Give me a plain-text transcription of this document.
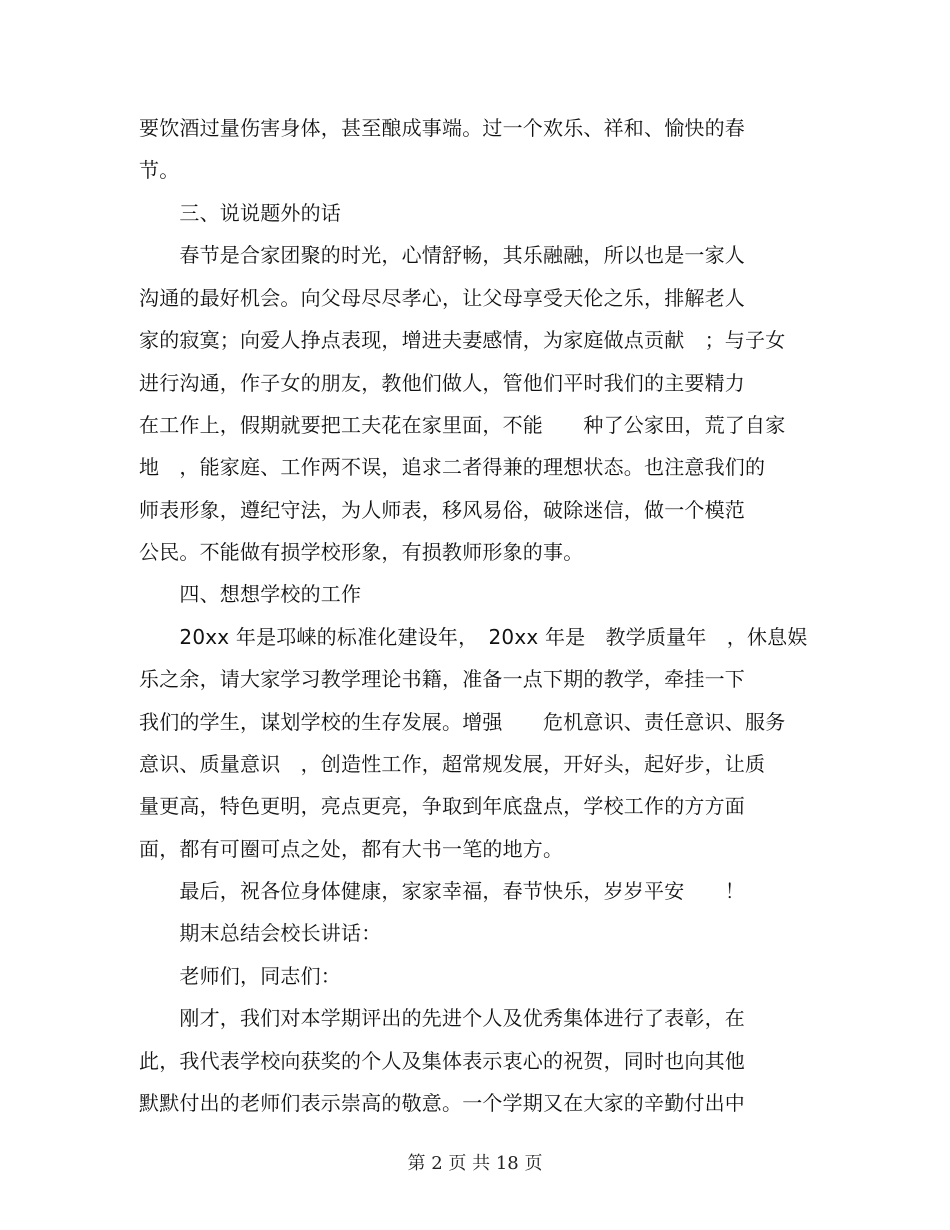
要饮酒过量伤害身体，甚至酿成事端。过一个欢乐、祥和、愉快的春
节。
　　三、说说题外的话
　　春节是合家团聚的时光，心情舒畅，其乐融融，所以也是一家人
沟通的最好机会。向父母尽尽孝心，让父母享受天伦之乐，排解老人
家的寂寞；向爱人挣点表现，增进夫妻感情，为家庭做点贡献　；与子女
进行沟通，作子女的朋友，教他们做人，管他们平时我们的主要精力
在工作上，假期就要把工夫花在家里面，不能　　种了公家田，荒了自家
地　，能家庭、工作两不误，追求二者得兼的理想状态。也注意我们的
师表形象，遵纪守法，为人师表，移风易俗，破除迷信，做一个模范
公民。不能做有损学校形象，有损教师形象的事。
　　四、想想学校的工作
　　20xx 年是邛崃的标准化建设年，　20xx 年是　教学质量年　，休息娱
乐之余，请大家学习教学理论书籍，准备一点下期的教学，牵挂一下
我们的学生，谋划学校的生存发展。增强　　危机意识、责任意识、服务
意识、质量意识　，创造性工作，超常规发展，开好头，起好步，让质
量更高，特色更明，亮点更亮，争取到年底盘点，学校工作的方方面
面，都有可圈可点之处，都有大书一笔的地方。
　　最后，祝各位身体健康，家家幸福，春节快乐，岁岁平安　　！
　　期末总结会校长讲话：
　　老师们，同志们：
　　刚才，我们对本学期评出的先进个人及优秀集体进行了表彰，在
此，我代表学校向获奖的个人及集体表示衷心的祝贺，同时也向其他
默默付出的老师们表示崇高的敬意。一个学期又在大家的辛勤付出中
第 2 页 共 18 页
